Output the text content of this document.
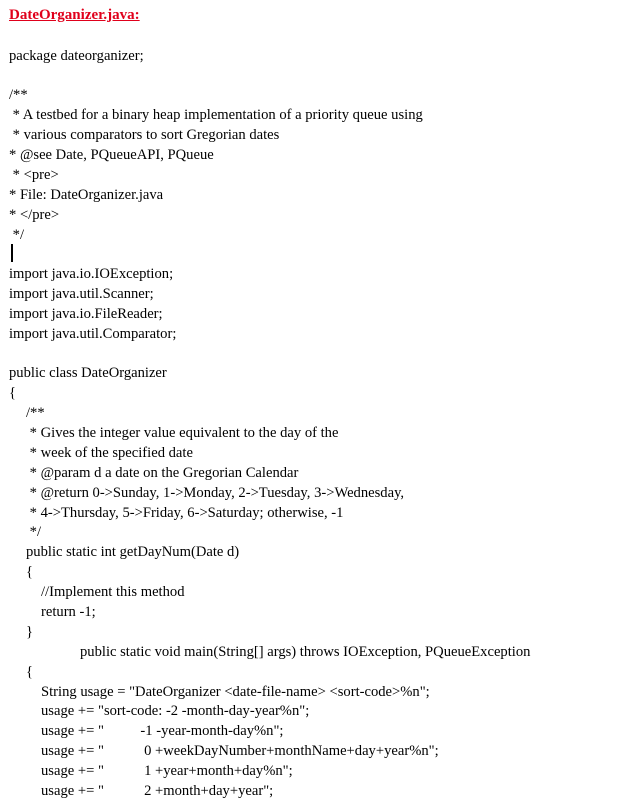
DateOrganizer.java:
package dateorganizer;
/**
* A testbed for a binary heap implementation of a priority queue using
* various comparators to sort Gregorian dates
* @see Date, PQueueAPI, PQueue
* <pre>
* File: DateOrganizer.java
* </pre>
*/
import java.io.IOException;
import java.util.Scanner;
import java.io.FileReader;
import java.util.Comparator;
public class DateOrganizer
{
/**
* Gives the integer value equivalent to the day of the
* week of the specified date
* @param d a date on the Gregorian Calendar
* @return 0->Sunday, 1->Monday, 2->Tuesday, 3->Wednesday,
* 4->Thursday, 5->Friday, 6->Saturday; otherwise, -1
*/
public static int getDayNum(Date d)
{
//Implement this method
return -1;
}
public static void main(String[] args) throws IOException, PQueueException
{
String usage = "DateOrganizer <date-file-name> <sort-code>%n";
usage += "sort-code: -2 -month-day-year%n";
usage += "          -1 -year-month-day%n";
usage += "           0 +weekDayNumber+monthName+day+year%n";
usage += "           1 +year+month+day%n";
usage += "           2 +month+day+year";
